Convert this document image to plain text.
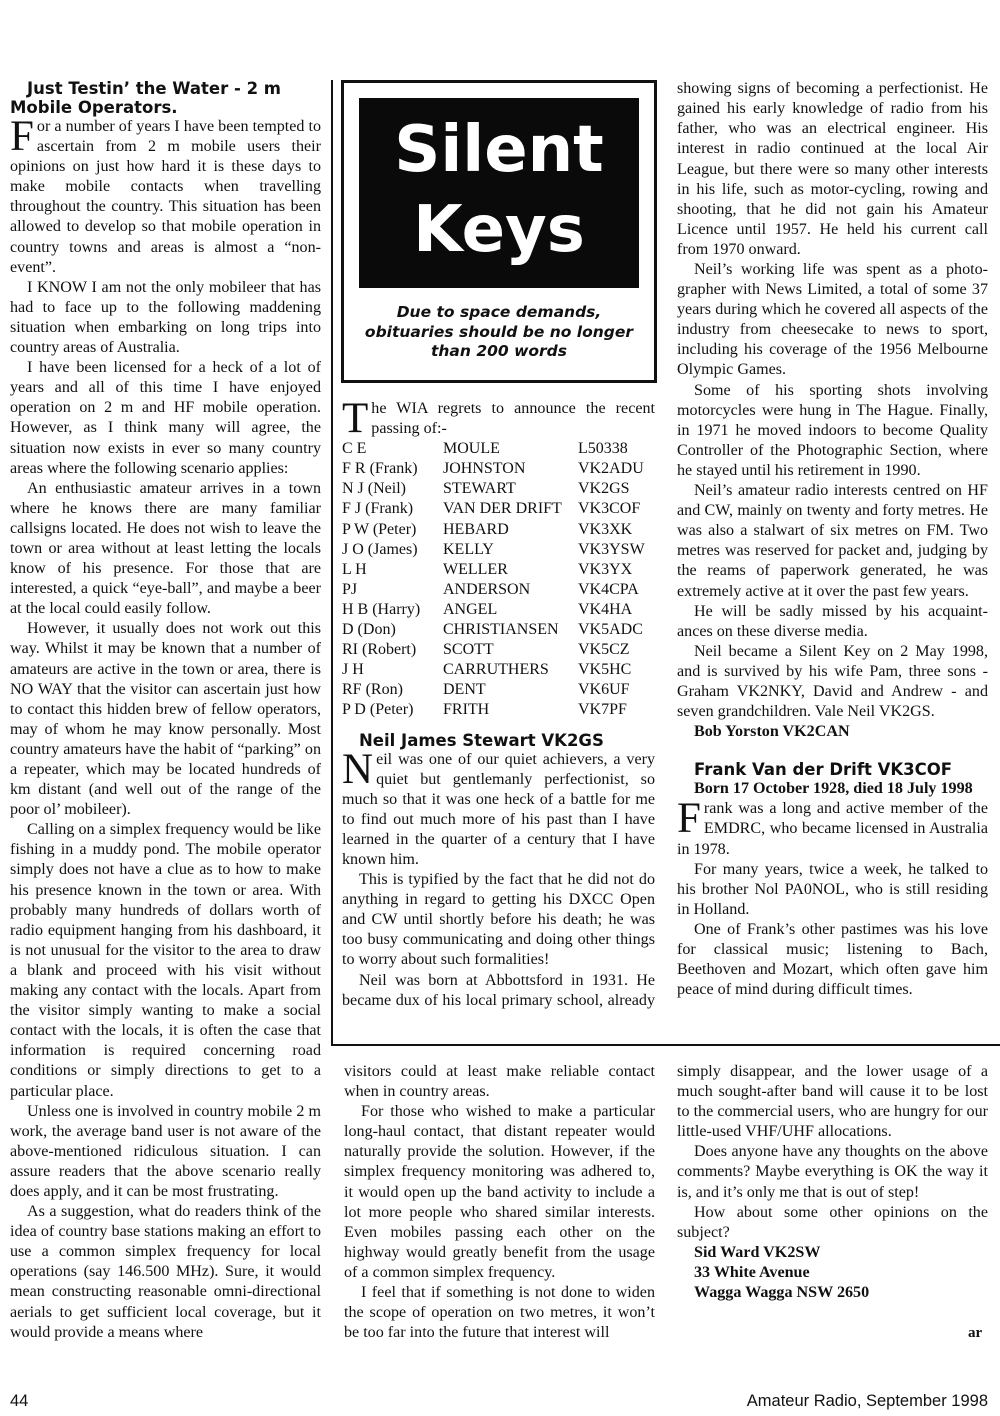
Just Testin’ the Water - 2 m Mobile Operators.

For a number of years I have been tempted to ascertain from 2 m mobile users their opinions on just how hard it is these days to make mobile contacts when travelling throughout the country. This situation has been allowed to develop so that mobile operation in country towns and areas is almost a “non-event”.

I KNOW I am not the only mobileer that has had to face up to the following maddening situation when embarking on long trips into country areas of Australia.

I have been licensed for a heck of a lot of years and all of this time I have enjoyed operation on 2 m and HF mobile operation. However, as I think many will agree, the situation now exists in ever so many country areas where the following scenario applies:

An enthusiastic amateur arrives in a town where he knows there are many familiar callsigns located. He does not wish to leave the town or area without at least letting the locals know of his presence. For those that are interested, a quick “eye-ball”, and maybe a beer at the local could easily follow.

However, it usually does not work out this way. Whilst it may be known that a number of amateurs are active in the town or area, there is NO WAY that the visitor can ascertain just how to contact this hidden brew of fellow operators, may of whom he may know personally. Most country amateurs have the habit of “parking” on a repeater, which may be located hundreds of km distant (and well out of the range of the poor ol’ mobileer).

Calling on a simplex frequency would be like fishing in a muddy pond. The mobile operator simply does not have a clue as to how to make his presence known in the town or area. With probably many hundreds of dollars worth of radio equipment hanging from his dashboard, it is not unusual for the visitor to the area to draw a blank and proceed with his visit without making any contact with the locals. Apart from the visitor simply wanting to make a social contact with the locals, it is often the case that information is required concerning road conditions or simply directions to get to a particular place.

Unless one is involved in country mobile 2 m work, the average band user is not aware of the above-mentioned ridiculous situation. I can assure readers that the above scenario really does apply, and it can be most frustrating.

As a suggestion, what do readers think of the idea of country base stations making an effort to use a common simplex frequency for local operations (say 146.500 MHz). Sure, it would mean constructing reasonable omni-directional aerials to get sufficient local coverage, but it would provide a means where

Silent
Keys
Due to space demands, obituaries should be no longer than 200 words

The WIA regrets to announce the recent passing of:-

C E	MOULE	L50338
F R (Frank)	JOHNSTON	VK2ADU
N J (Neil)	STEWART	VK2GS
F J (Frank)	VAN DER DRIFT	VK3COF
P W (Peter)	HEBARD	VK3XK
J O (James)	KELLY	VK3YSW
L H	WELLER	VK3YX
PJ	ANDERSON	VK4CPA
H B (Harry)	ANGEL	VK4HA
D (Don)	CHRISTIANSEN	VK5ADC
RI (Robert)	SCOTT	VK5CZ
J H	CARRUTHERS	VK5HC
RF (Ron)	DENT	VK6UF
P D (Peter)	FRITH	VK7PF

Neil James Stewart VK2GS

Neil was one of our quiet achievers, a very quiet but gentlemanly perfectionist, so much so that it was one heck of a battle for me to find out much more of his past than I have learned in the quarter of a century that I have known him.

This is typified by the fact that he did not do anything in regard to getting his DXCC Open and CW until shortly before his death; he was too busy communicating and doing other things to worry about such formalities!

Neil was born at Abbottsford in 1931. He became dux of his local primary school, already

showing signs of becoming a perfectionist. He gained his early knowledge of radio from his father, who was an electrical engineer. His interest in radio continued at the local Air League, but there were so many other interests in his life, such as motor-cycling, rowing and shooting, that he did not gain his Amateur Licence until 1957. He held his current call from 1970 onward.

Neil’s working life was spent as a photo-grapher with News Limited, a total of some 37 years during which he covered all aspects of the industry from cheesecake to news to sport, including his coverage of the 1956 Melbourne Olympic Games.

Some of his sporting shots involving motorcycles were hung in The Hague. Finally, in 1971 he moved indoors to become Quality Controller of the Photographic Section, where he stayed until his retirement in 1990.

Neil’s amateur radio interests centred on HF and CW, mainly on twenty and forty metres. He was also a stalwart of six metres on FM. Two metres was reserved for packet and, judging by the reams of paperwork generated, he was extremely active at it over the past few years.

He will be sadly missed by his acquaint-ances on these diverse media.

Neil became a Silent Key on 2 May 1998, and is survived by his wife Pam, three sons - Graham VK2NKY, David and Andrew - and seven grandchildren. Vale Neil VK2GS.

Bob Yorston VK2CAN

Frank Van der Drift VK3COF

Born 17 October 1928, died 18 July 1998

Frank was a long and active member of the EMDRC, who became licensed in Australia in 1978.

For many years, twice a week, he talked to his brother Nol PA0NOL, who is still residing in Holland.

One of Frank’s other pastimes was his love for classical music; listening to Bach, Beethoven and Mozart, which often gave him peace of mind during difficult times.

visitors could at least make reliable contact when in country areas.

For those who wished to make a particular long-haul contact, that distant repeater would naturally provide the solution. However, if the simplex frequency monitoring was adhered to, it would open up the band activity to include a lot more people who shared similar interests. Even mobiles passing each other on the highway would greatly benefit from the usage of a common simplex frequency.

I feel that if something is not done to widen the scope of operation on two metres, it won’t be too far into the future that interest will

simply disappear, and the lower usage of a much sought-after band will cause it to be lost to the commercial users, who are hungry for our little-used VHF/UHF allocations.

Does anyone have any thoughts on the above comments? Maybe everything is OK the way it is, and it’s only me that is out of step!

How about some other opinions on the subject?

Sid Ward VK2SW

33 White Avenue

Wagga Wagga NSW 2650

ar
44	Amateur Radio, September 1998
